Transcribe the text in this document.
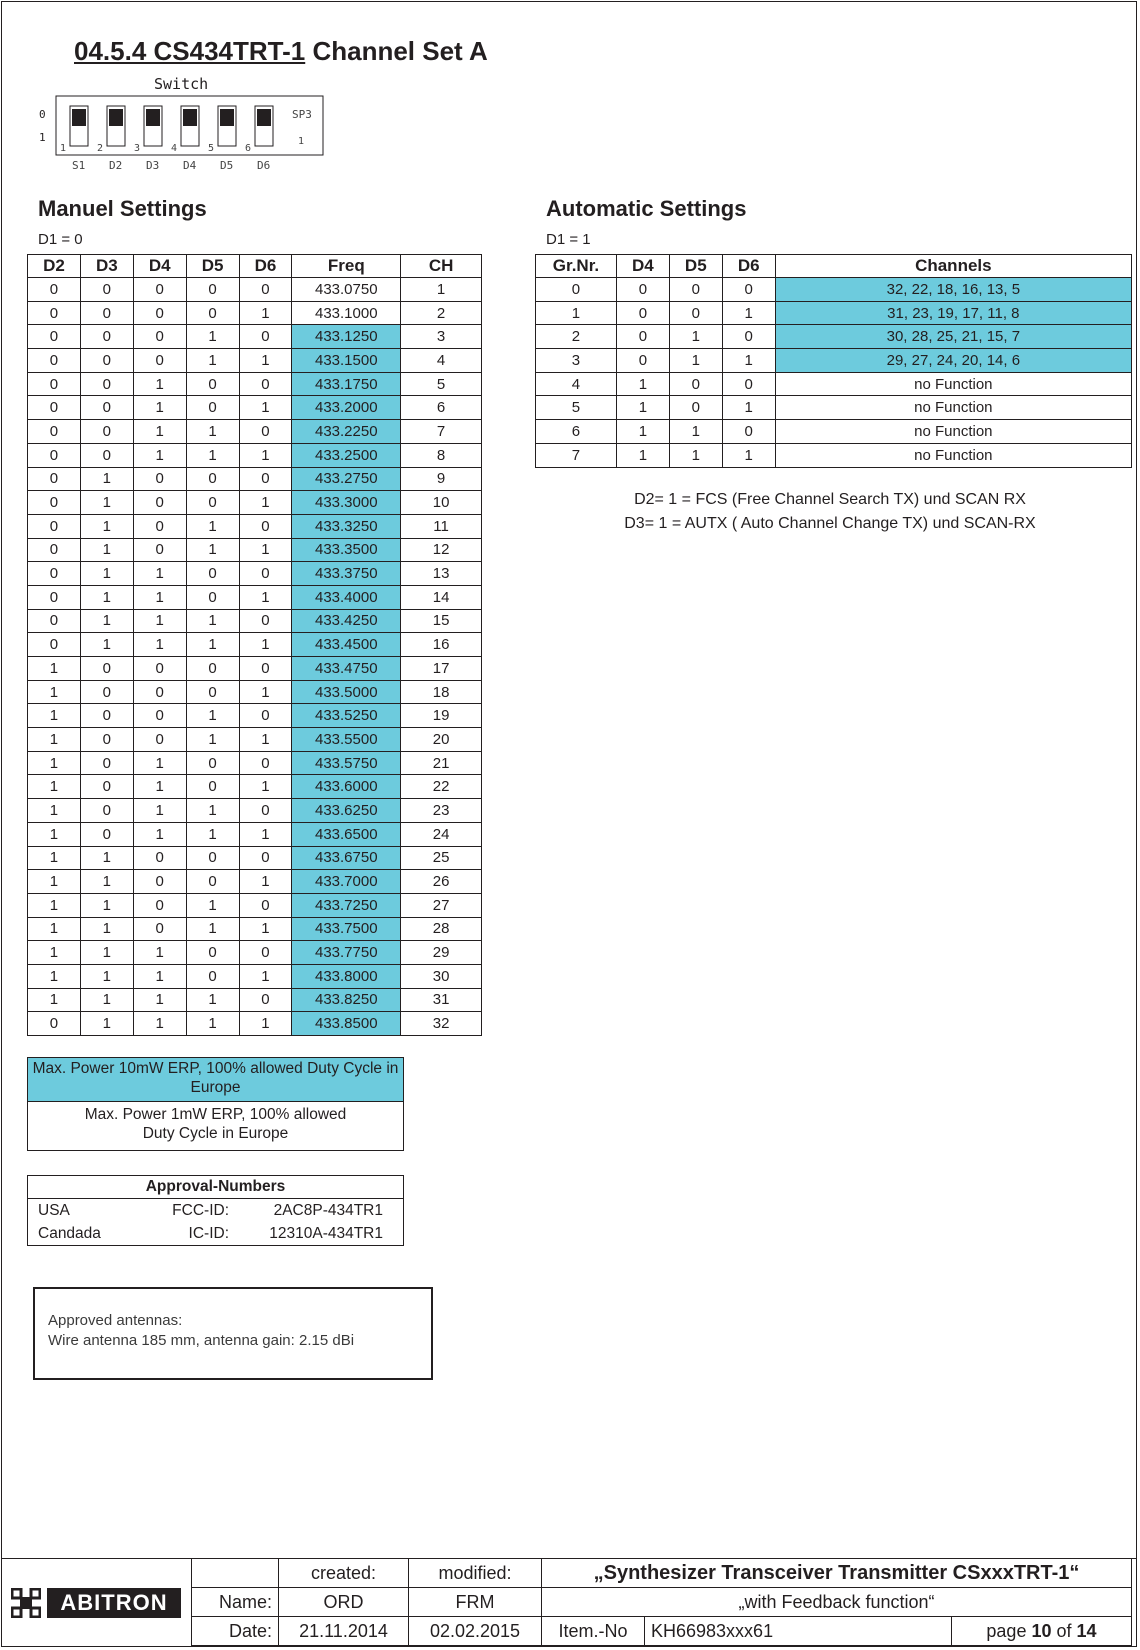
04.5.4 CS434TRT-1 Channel Set A
Switch
0
1
1	2	3	4	5	6
1
SP3
S1 D2 D3 D4 D5 D6
Manuel Settings
D1 = 0
D2	D3	D4	D5	D6	Freq	CH
0	0	0	0	0	433.0750	1
0	0	0	0	1	433.1000	2
0	0	0	1	0	433.1250	3
0	0	0	1	1	433.1500	4
0	0	1	0	0	433.1750	5
0	0	1	0	1	433.2000	6
0	0	1	1	0	433.2250	7
0	0	1	1	1	433.2500	8
0	1	0	0	0	433.2750	9
0	1	0	0	1	433.3000	10
0	1	0	1	0	433.3250	11
0	1	0	1	1	433.3500	12
0	1	1	0	0	433.3750	13
0	1	1	0	1	433.4000	14
0	1	1	1	0	433.4250	15
0	1	1	1	1	433.4500	16
1	0	0	0	0	433.4750	17
1	0	0	0	1	433.5000	18
1	0	0	1	0	433.5250	19
1	0	0	1	1	433.5500	20
1	0	1	0	0	433.5750	21
1	0	1	0	1	433.6000	22
1	0	1	1	0	433.6250	23
1	0	1	1	1	433.6500	24
1	1	0	0	0	433.6750	25
1	1	0	0	1	433.7000	26
1	1	0	1	0	433.7250	27
1	1	0	1	1	433.7500	28
1	1	1	0	0	433.7750	29
1	1	1	0	1	433.8000	30
1	1	1	1	0	433.8250	31
0	1	1	1	1	433.8500	32
Automatic Settings
D1 = 1
Gr.Nr.	D4	D5	D6	Channels
0	0	0	0	32, 22, 18, 16, 13, 5
1	0	0	1	31, 23, 19, 17, 11, 8
2	0	1	0	30, 28, 25, 21, 15, 7
3	0	1	1	29, 27, 24, 20, 14, 6
4	1	0	0	no Function
5	1	0	1	no Function
6	1	1	0	no Function
7	1	1	1	no Function
D2= 1 = FCS (Free Channel Search TX) und SCAN RX
D3= 1 = AUTX ( Auto Channel Change TX) und SCAN-RX
Max. Power 10mW ERP, 100% allowed Duty Cycle in Europe
Max. Power 1mW ERP, 100% allowed
Duty Cycle in Europe
Approval-Numbers
USA	FCC-ID:	2AC8P-434TR1
Candada	IC-ID:	12310A-434TR1
Approved antennas:
Wire antenna 185 mm, antenna gain: 2.15 dBi
ABITRON
	created:	modified:	„Synthesizer Transceiver Transmitter CSxxxTRT-1“		
Name:	ORD	FRM	„with Feedback function“		
Date:	21.11.2014	02.02.2015	Item.-No	KH66983xxx61	page 10 of 14
